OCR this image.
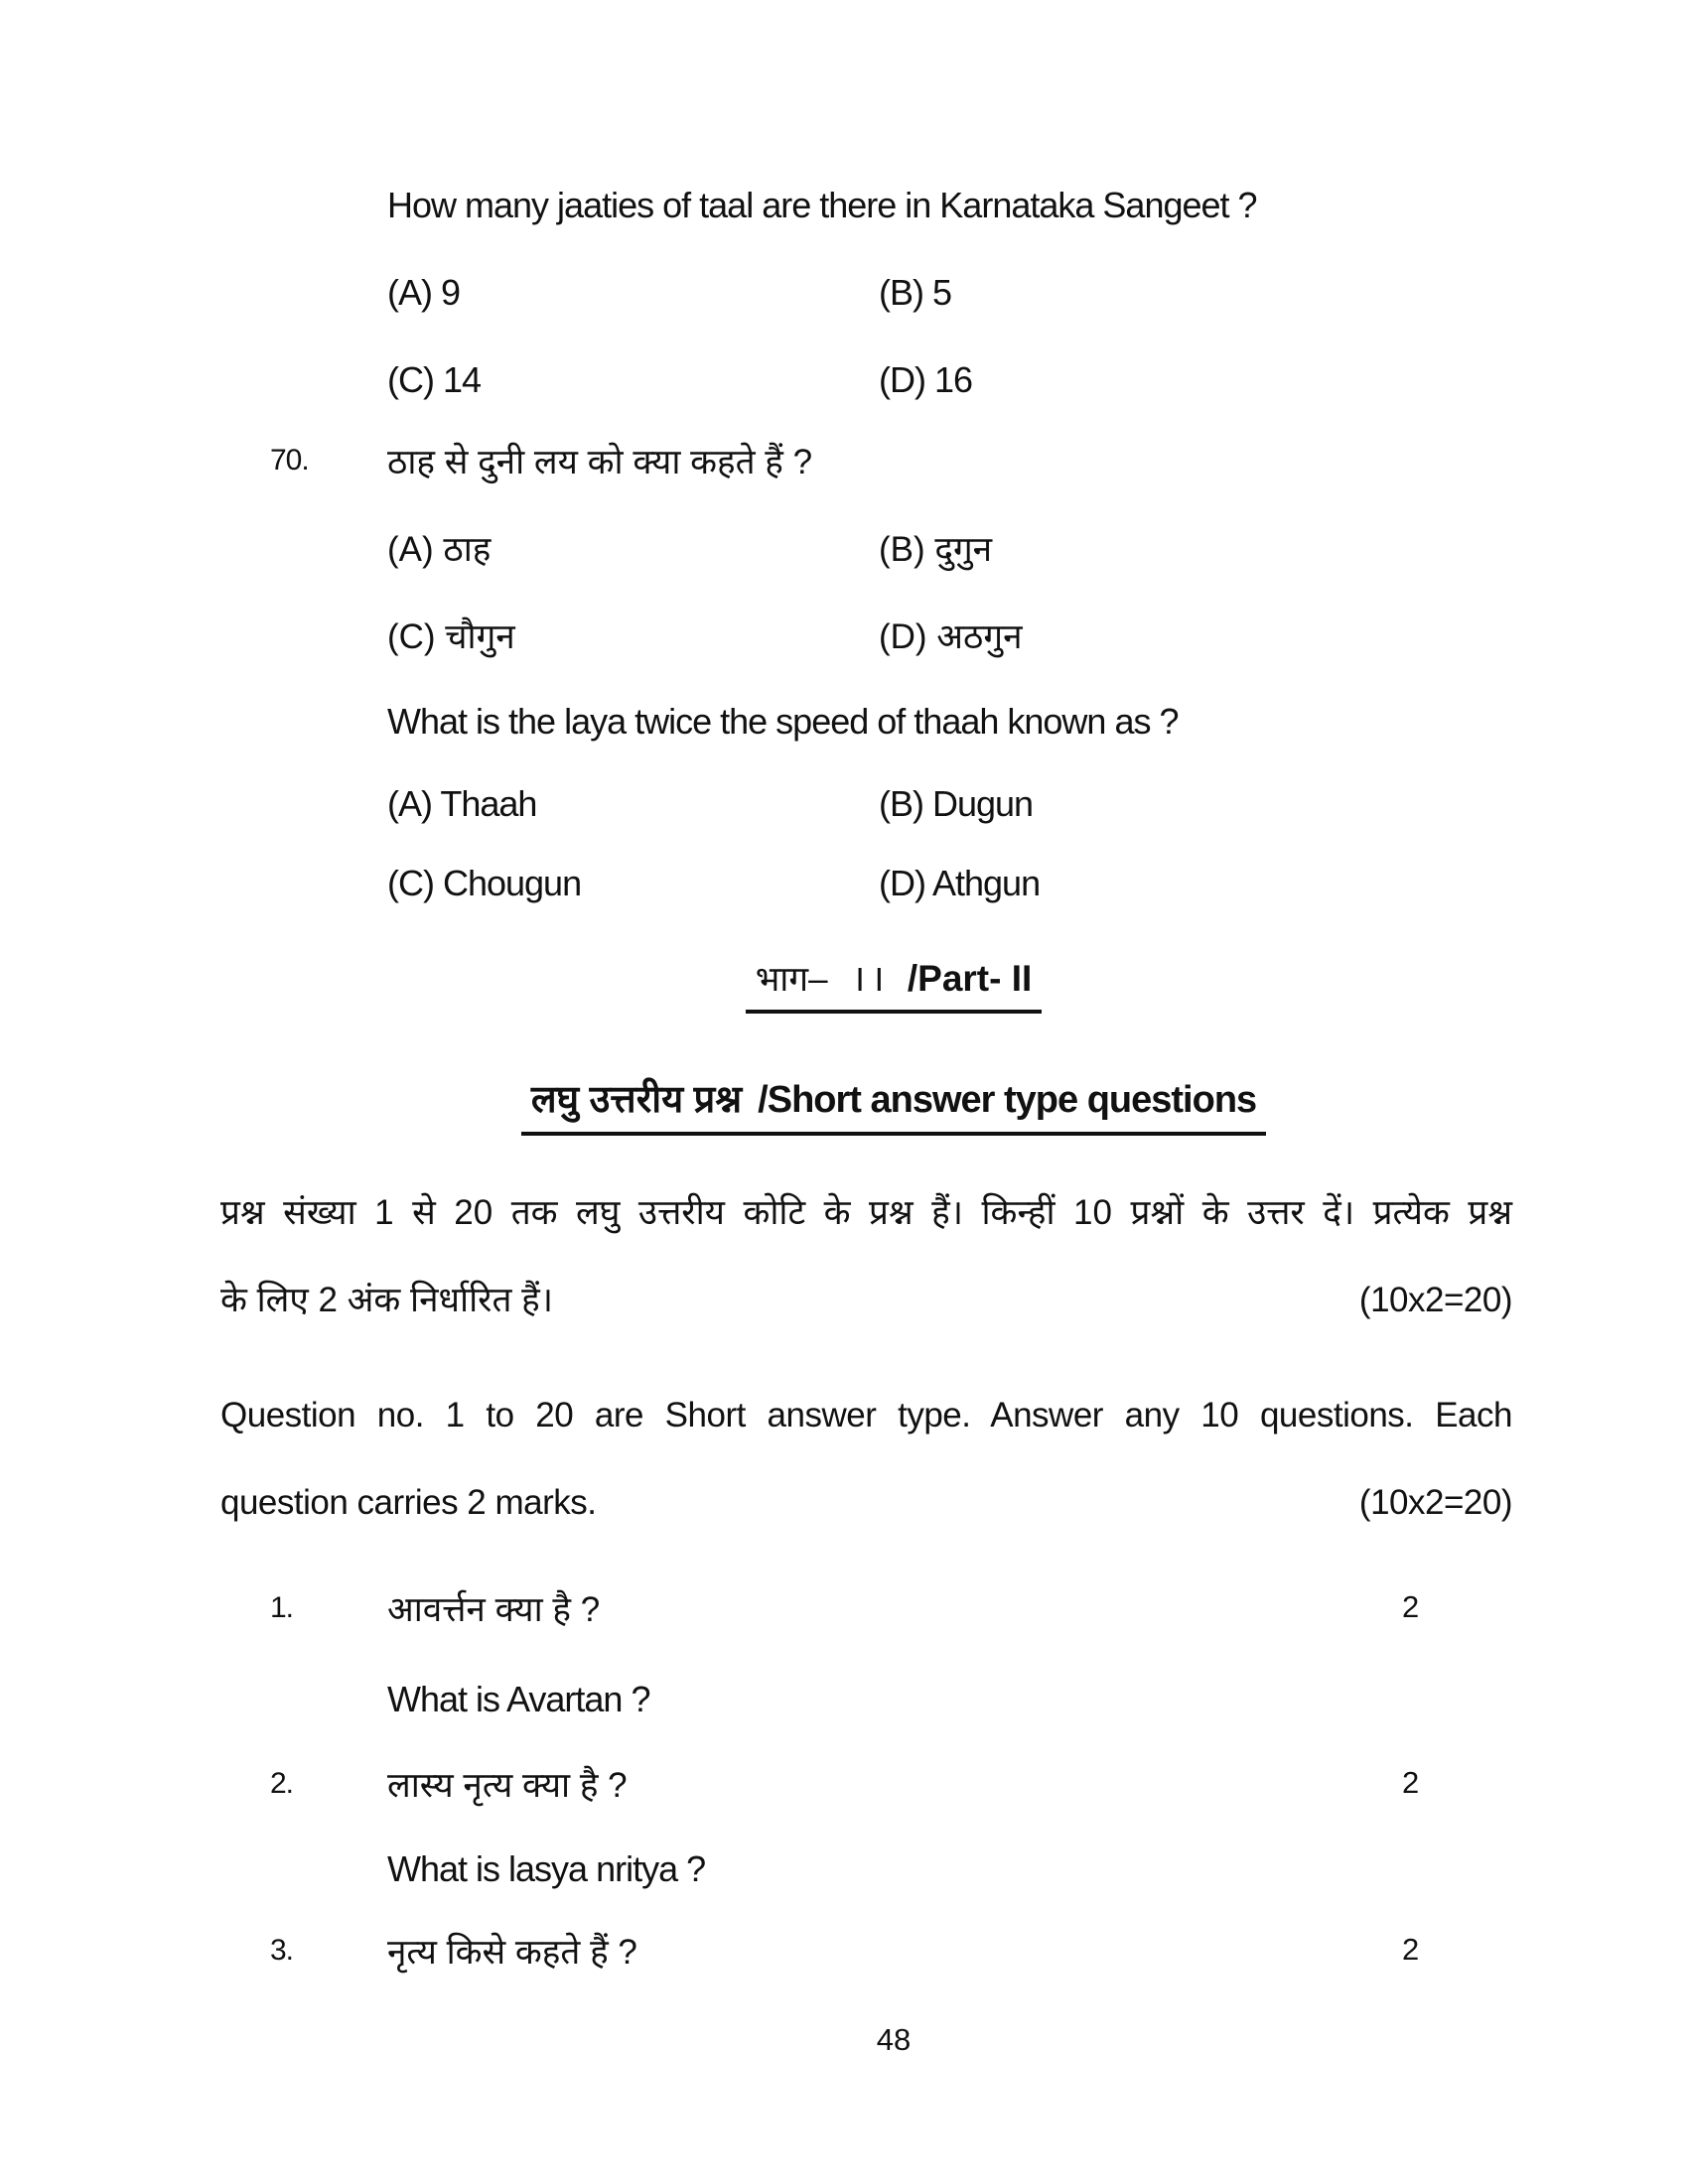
How many jaaties of taal are there in Karnataka Sangeet ?
(A) 9	(B) 5
(C) 14	(D) 16
70. ठाह से दुनी लय को क्या कहते हैं ?
(A) ठाह	(B) दुगुन
(C) चौगुन	(D) अठगुन
What is the laya twice the speed of thaah known as ?
(A) Thaah	(B) Dugun
(C) Chougun	(D) Athgun
भाग– II /Part- II
लघु उत्तरीय प्रश्न /Short answer type questions
प्रश्न संख्या 1 से 20 तक लघु उत्तरीय कोटि के प्रश्न हैं। किन्हीं 10 प्रश्नों के उत्तर दें। प्रत्येक प्रश्न
के लिए 2 अंक निर्धारित हैं।	(10x2=20)
Question no. 1 to 20 are Short answer type. Answer any 10 questions. Each
question carries 2 marks.	(10x2=20)
1.	आवर्त्तन क्या है ?	2
What is Avartan ?
2.	लास्य नृत्य क्या है ?	2
What is lasya nritya ?
3.	नृत्य किसे कहते हैं ?	2
48
